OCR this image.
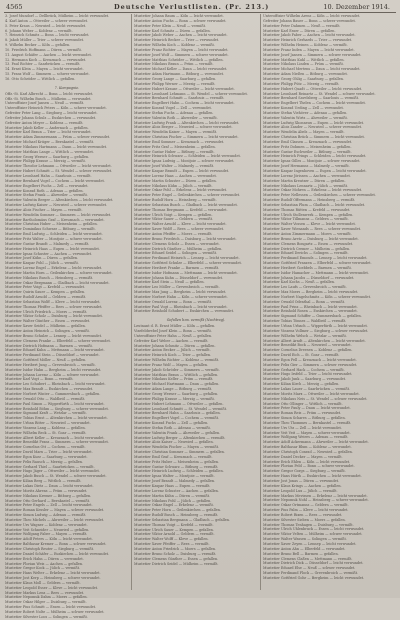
4565	Deutsche Verlustlisten. (Pr. 213.)	10. Dezember 1914.
3. Josef Mundorf — Dellbrück, Mülheim — leicht verwundet.
4. Karl Anton — Ottweiler — schwer verwundet.
5. Peter Kraus — Neuwied — leicht verwundet.
6. Johann Weber — Koblenz — vermißt.
7. Heinrich Schmitz — Bonn — leicht verwundet.
8. Jakob Müller — Trier — schwer verwundet.
9. Wilhelm Becker — Köln — gefallen.
10. Friedrich Hoffmann — Düren — vermißt.
11. August Schäfer — Aachen — leicht verwundet.
12. Hermann Koch — Kreuznach — verwundet.
13. Paul Richter — Saarbrücken — vermißt.
14. Ernst Klein — Mayen — leicht verwundet.
15. Franz Wolf — Simmern — schwer verwundet.
16. Otto Schröder — Wittlich — gefallen.
7. Kompagnie.
Offz.-St. Karl Albrecht — Bonn — leicht verwundet.
Offz.-St. Wilhelm Busch — Mülheim — verwundet.
Unteroffizier Josef Jansen — Neuß — vermißt.
Unteroffizier Heinrich Peters — Köln — schwer verwundet.
Gefreiter Peter Lang — Siegburg — leicht verwundet.
Gefreiter Johann Schulz — Euskirchen — verwundet.
Gefreiter Anton Meyer — Koblenz — vermißt.
Mustetier Jakob Keller — Andernach — gefallen.
Mustetier Karl Braun — Trier — leicht verwundet.
Mustetier Adam Zimmermann — Prüm — schwer verwundet.
Mustetier Michael Krüger — Bernkastel — vermißt.
Mustetier Nikolaus Hartmann — Daun — leicht verwundet.
Mustetier Matthias Lange — Wittlich — verwundet.
Mustetier Georg Werner — Saarburg — gefallen.
Mustetier Philipp Krause — Merzig — vermißt.
Mustetier Theodor Lehmann — Ottweiler — leicht verwundet.
Mustetier Hubert Schmitt — St. Wendel — schwer verwundet.
Mustetier Leonhard Hahn — Saarlouis — vermißt.
Mustetier Bernhard Vogel — Cochem — leicht verwundet.
Mustetier Engelbert Fuchs — Zell — verwundet.
Mustetier Konrad Roth — Adenau — gefallen.
Mustetier Stefan Frank — Ahrweiler — vermißt.
Mustetier Valentin Berger — Altenkirchen — leicht verwundet.
Mustetier Ludwig Kaiser — Neuwied — schwer verwundet.
Mustetier Alois Fischer — Mayen — vermißt.
Mustetier Wendelin Sommer — Simmern — leicht verwundet.
Mustetier Bartholomäus Graf — Kreuznach — verwundet.
Mustetier Christian Huber — Meisenheim — gefallen.
Mustetier Dominikus Schwarz — Bitburg — vermißt.
Mustetier Emil Ludwig — Schleiden — leicht verwundet.
Mustetier Fritz Walter — Montjoie — schwer verwundet.
Mustetier Gustav Brandt — Malmedy — vermißt.
Mustetier Heinrich Haas — Eupen — leicht verwundet.
Mustetier Ignaz Schuster — Aachen — verwundet.
Mustetier Josef Kühn — Düren — gefallen.
Mustetier Kaspar Pohl — Jülich — vermißt.
Mustetier Lorenz Engel — Erkelenz — leicht verwundet.
Mustetier Martin Horn — Geilenkirchen — schwer verwundet.
Mustetier Nikolaus Busch — Heinsberg — vermißt.
Mustetier Oskar Bergmann — Gladbach — leicht verwundet.
Mustetier Peter Voigt — Krefeld — verwundet.
Mustetier Quirin Sauer — Kempen — gefallen.
Mustetier Rudolf Arnold — Geldern — vermißt.
Mustetier Sebastian Wolff — Kleve — leicht verwundet.
Mustetier Thomas Pfeiffer — Rees — schwer verwundet.
Mustetier Ulrich Friedrich — Moers — vermißt.
Mustetier Viktor Scholz — Duisburg — leicht verwundet.
Mustetier Walter Günther — Essen — verwundet.
Mustetier Xaver Seidel — Mülheim — gefallen.
Mustetier Anton Heinrich — Solingen — vermißt.
Mustetier Bruno Schulze — Lennep — leicht verwundet.
Mustetier Clemens Franke — Elberfeld — schwer verwundet.
Mustetier Dietrich Hofmann — Barmen — vermißt.
Mustetier Eduard Kuhn — Mettmann — leicht verwundet.
Mustetier Ferdinand Stein — Düsseldorf — verwundet.
Mustetier Gottfried Möller — Neuß — gefallen.
Mustetier Heribert Jung — Grevenbroich — vermißt.
Mustetier Isidor Hahn — Bergheim — leicht verwundet.
Mustetier Johann Lorenz — Köln — schwer verwundet.
Mustetier Karl Vogt — Bonn — vermißt.
Mustetier Leo Schubert — Rheinbach — leicht verwundet.
Mustetier Max Brandt — Euskirchen — verwundet.
Mustetier Norbert Winter — Gummersbach — gefallen.
Mustetier Oswald Otto — Waldbröl — vermißt.
Mustetier Paul Simon — Wipperfürth — leicht verwundet.
Mustetier Reinhold Böhm — Siegburg — schwer verwundet.
Mustetier Sigmund Kraft — Wetzlar — vermißt.
Mustetier Tobias Ernst — Altenkirchen — leicht verwundet.
Mustetier Urban Ritter — Neuwied — verwundet.
Mustetier Vinzenz Lang — Koblenz — gefallen.
Mustetier Wilhelm Beck — St. Goar — vermißt.
Mustetier Albert Keller — Kreuznach — leicht verwundet.
Mustetier Benedikt Franz — Simmern — schwer verwundet.
Mustetier Cornelius Ott — Cochem — vermißt.
Mustetier David Marx — Trier — leicht verwundet.
Mustetier Egon Kurz — Saarburg — verwundet.
Mustetier Felix Rausch — Merzig — gefallen.
Mustetier Gerhard Thiel — Saarbrücken — vermißt.
Mustetier Hugo Jäger — Ottweiler — leicht verwundet.
Mustetier Jakob Busch — St. Wendel — schwer verwundet.
Mustetier Kilian Berg — Wittlich — vermißt.
Mustetier Lukas Dietz — Daun — leicht verwundet.
Mustetier Moritz Ahrens — Prüm — verwundet.
Mustetier Nikolaus Kremer — Bitburg — gefallen.
Mustetier Otto Gerhard — Bernkastel — vermißt.
Mustetier Peter Engels — Zell — leicht verwundet.
Mustetier Roman Kessler — Mayen — schwer verwundet.
Mustetier Simon Ludwig — Adenau — vermißt.
Mustetier Theo Michels — Ahrweiler — leicht verwundet.
Mustetier Urs Wagner — Koblenz — verwundet.
Mustetier Veit Schneider — Neuwied — gefallen.
Mustetier Wolfgang Faber — Mayen — vermißt.
Mustetier Adolf Peters — Köln — leicht verwundet.
Mustetier Balthasar Kremer — Bonn — schwer verwundet.
Mustetier Christoph Reuter — Siegburg — vermißt.
Mustetier Daniel Schäfer — Euskirchen — leicht verwundet.
Mustetier Erich Hahn — Düren — verwundet.
Mustetier Florian Weis — Aachen — gefallen.
Mustetier Gregor Kock — Jülich — vermißt.
Mustetier Hans Welter — Erkelenz — leicht verwundet.
Mustetier Jost Kerp — Heinsberg — schwer verwundet.
Mustetier Klaus Moll — Geldern — vermißt.
Mustetier Leopold Esser — Kleve — leicht verwundet.
Mustetier Markus Lenz — Rees — verwundet.
Mustetier Nepomuk Dahm — Moers — gefallen.
Mustetier Oskar Hilger — Duisburg — vermißt.
Mustetier Pius Schmitt — Essen — leicht verwundet.
Mustetier Robert Nolte — Mülheim — schwer verwundet.
Mustetier Silvester Loos — Solingen — vermißt.
Mustetier Johann Baum — Köln — leicht verwundet.
Mustetier Anton Fuchs — Bonn — schwer verwundet.
Mustetier Peter Klein — Neuß — vermißt.
Mustetier Karl Schmitz — Düren — gefallen.
Mustetier Jakob Weber — Aachen — leicht verwundet.
Mustetier Heinrich Becker — Trier — verwundet.
Mustetier Wilhelm Koch — Koblenz — vermißt.
Mustetier Franz Richter — Mayen — leicht verwundet.
Mustetier Josef Wolf — Simmern — schwer verwundet.
Mustetier Matthias Schröder — Wittlich — gefallen.
Mustetier Nikolaus Braun — Prüm — vermißt.
Mustetier Michael Keller — Daun — leicht verwundet.
Mustetier Adam Hartmann — Bitburg — verwundet.
Mustetier Georg Lange — Saarburg — gefallen.
Mustetier Philipp Werner — Merzig — vermißt.
Mustetier Hubert Krause — Ottweiler — leicht verwundet.
Mustetier Leonhard Lehmann — St. Wendel — schwer verwundet.
Mustetier Bernhard Schmitt — Saarlouis — vermißt.
Mustetier Engelbert Hahn — Cochem — leicht verwundet.
Mustetier Konrad Vogel — Zell — verwundet.
Mustetier Stefan Fuchs — Adenau — gefallen.
Mustetier Valentin Roth — Ahrweiler — vermißt.
Mustetier Ludwig Frank — Altenkirchen — leicht verwundet.
Mustetier Alois Berger — Neuwied — schwer verwundet.
Mustetier Wendelin Kaiser — Mayen — vermißt.
Mustetier Christian Fischer — Simmern — leicht verwundet.
Mustetier Emil Sommer — Kreuznach — verwundet.
Mustetier Fritz Graf — Meisenheim — gefallen.
Mustetier Gustav Huber — Bitburg — vermißt.
Mustetier Heinrich Schwarz — Schleiden — leicht verwundet.
Mustetier Ignaz Ludwig — Montjoie — schwer verwundet.
Mustetier Josef Walter — Malmedy — vermißt.
Mustetier Kaspar Brandt — Eupen — leicht verwundet.
Mustetier Lorenz Haas — Aachen — verwundet.
Mustetier Martin Schuster — Düren — gefallen.
Mustetier Nikolaus Kühn — Jülich — vermißt.
Mustetier Oskar Pohl — Erkelenz — leicht verwundet.
Mustetier Peter Engel — Geilenkirchen — schwer verwundet.
Mustetier Rudolf Horn — Heinsberg — vermißt.
Mustetier Sebastian Busch — Gladbach — leicht verwundet.
Mustetier Thomas Bergmann — Krefeld — verwundet.
Mustetier Ulrich Voigt — Kempen — gefallen.
Mustetier Viktor Sauer — Geldern — vermißt.
Mustetier Walter Arnold — Kleve — leicht verwundet.
Mustetier Xaver Wolff — Rees — schwer verwundet.
Mustetier Anton Pfeiffer — Moers — vermißt.
Mustetier Bruno Friedrich — Duisburg — leicht verwundet.
Mustetier Clemens Scholz — Essen — verwundet.
Mustetier Dietrich Günther — Mülheim — gefallen.
Mustetier Eduard Seidel — Solingen — vermißt.
Mustetier Ferdinand Heinrich — Lennep — leicht verwundet.
Mustetier Gottfried Schulze — Elberfeld — schwer verwundet.
Mustetier Heribert Franke — Barmen — vermißt.
Mustetier Isidor Hofmann — Mettmann — leicht verwundet.
Mustetier Johann Kuhn — Düsseldorf — verwundet.
Mustetier Karl Stein — Neuß — gefallen.
Mustetier Leo Möller — Grevenbroich — vermißt.
Mustetier Max Jung — Bergheim — leicht verwundet.
Mustetier Norbert Hahn — Köln — schwer verwundet.
Mustetier Oswald Lorenz — Bonn — vermißt.
Mustetier Paul Vogt — Rheinbach — leicht verwundet.
Mustetier Reinhold Schubert — Euskirchen — verwundet.
Gefallen bzw. vermißt (Nachtrag).
Leutnant d. R. Ernst Müller — Köln — gefallen.
Vizefeldwebel Josef Klein — Bonn — vermißt.
Unteroffizier Peter Hahn — Neuß — gefallen.
Gefreiter Karl Weber — Aachen — vermißt.
Mustetier Johann Schmitz — Düren — gefallen.
Mustetier Anton Becker — Jülich — vermißt.
Mustetier Heinrich Koch — Trier — gefallen.
Mustetier Wilhelm Richter — Koblenz — vermißt.
Mustetier Franz Wolf — Mayen — gefallen.
Mustetier Jakob Schröder — Simmern — vermißt.
Mustetier Matthias Braun — Wittlich — gefallen.
Mustetier Nikolaus Keller — Prüm — vermißt.
Mustetier Michael Hartmann — Daun — gefallen.
Mustetier Adam Lange — Bitburg — vermißt.
Mustetier Georg Werner — Saarburg — gefallen.
Mustetier Philipp Krause — Merzig — vermißt.
Mustetier Hubert Lehmann — Ottweiler — gefallen.
Mustetier Leonhard Schmitt — St. Wendel — vermißt.
Mustetier Bernhard Hahn — Saarlouis — gefallen.
Mustetier Engelbert Vogel — Cochem — vermißt.
Mustetier Konrad Fuchs — Zell — gefallen.
Mustetier Stefan Roth — Adenau — vermißt.
Mustetier Valentin Frank — Ahrweiler — gefallen.
Mustetier Ludwig Berger — Altenkirchen — vermißt.
Mustetier Alois Kaiser — Neuwied — gefallen.
Mustetier Wendelin Fischer — Mayen — vermißt.
Mustetier Christian Sommer — Simmern — gefallen.
Mustetier Emil Graf — Kreuznach — vermißt.
Mustetier Fritz Huber — Meisenheim — gefallen.
Mustetier Gustav Schwarz — Bitburg — vermißt.
Mustetier Heinrich Ludwig — Schleiden — gefallen.
Mustetier Ignaz Walter — Montjoie — vermißt.
Mustetier Josef Brandt — Malmedy — gefallen.
Mustetier Kaspar Haas — Eupen — vermißt.
Mustetier Lorenz Schuster — Aachen — gefallen.
Mustetier Martin Kühn — Düren — vermißt.
Mustetier Nikolaus Pohl — Jülich — gefallen.
Mustetier Oskar Engel — Erkelenz — vermißt.
Mustetier Peter Horn — Geilenkirchen — gefallen.
Mustetier Rudolf Busch — Heinsberg — vermißt.
Mustetier Sebastian Bergmann — Gladbach — gefallen.
Mustetier Thomas Voigt — Krefeld — vermißt.
Mustetier Ulrich Sauer — Kempen — gefallen.
Mustetier Viktor Arnold — Geldern — vermißt.
Mustetier Walter Wolff — Kleve — gefallen.
Mustetier Xaver Pfeiffer — Rees — vermißt.
Mustetier Anton Friedrich — Moers — gefallen.
Mustetier Bruno Scholz — Duisburg — vermißt.
Mustetier Clemens Günther — Essen — gefallen.
Mustetier Dietrich Seidel — Mülheim — vermißt.
Unteroffizier Wilhelm Arens — Köln — leicht verwundet.
Gefreiter Johann Bauer — Bonn — schwer verwundet.
Mustetier Peter Dahmen — Neuß — vermißt.
Mustetier Karl Esser — Düren — gefallen.
Mustetier Jakob Faber — Aachen — leicht verwundet.
Mustetier Heinrich Gerhards — Trier — verwundet.
Mustetier Wilhelm Heinen — Koblenz — vermißt.
Mustetier Franz Inden — Mayen — leicht verwundet.
Mustetier Josef Jansen — Simmern — schwer verwundet.
Mustetier Matthias Kuhl — Wittlich — gefallen.
Mustetier Nikolaus Linden — Prüm — vermißt.
Mustetier Michael Mertens — Daun — leicht verwundet.
Mustetier Adam Nießen — Bitburg — verwundet.
Mustetier Georg Ohlig — Saarburg — gefallen.
Mustetier Philipp Pütz — Merzig — vermißt.
Mustetier Hubert Quadt — Ottweiler — leicht verwundet.
Mustetier Leonhard Reinartz — St. Wendel — schwer verwundet.
Mustetier Bernhard Savelsberg — Saarlouis — vermißt.
Mustetier Engelbert Thelen — Cochem — leicht verwundet.
Mustetier Konrad Ueding — Zell — verwundet.
Mustetier Stefan Viehöver — Adenau — gefallen.
Mustetier Valentin Wirtz — Ahrweiler — vermißt.
Mustetier Ludwig Xhonneux — Eupen — leicht verwundet.
Mustetier Alois Zander — Neuwied — schwer verwundet.
Mustetier Wendelin Abels — Mayen — vermißt.
Mustetier Christian Brück — Simmern — leicht verwundet.
Mustetier Emil Classen — Kreuznach — verwundet.
Mustetier Fritz Dohmen — Meisenheim — gefallen.
Mustetier Gustav Eschweiler — Bitburg — vermißt.
Mustetier Heinrich Frings — Schleiden — leicht verwundet.
Mustetier Ignaz Gilles — Montjoie — schwer verwundet.
Mustetier Josef Hermanns — Malmedy — vermißt.
Mustetier Kaspar Ingenhoven — Eupen — leicht verwundet.
Mustetier Lorenz Jörissen — Aachen — verwundet.
Mustetier Martin Kreutzer — Düren — gefallen.
Mustetier Nikolaus Lennartz — Jülich — vermißt.
Mustetier Oskar Mohren — Erkelenz — leicht verwundet.
Mustetier Peter Nellessen — Geilenkirchen — schwer verwundet.
Mustetier Rudolf Offermann — Heinsberg — vermißt.
Mustetier Sebastian Plum — Gladbach — leicht verwundet.
Mustetier Thomas Rütten — Krefeld — verwundet.
Mustetier Ulrich Stollenwerk — Kempen — gefallen.
Mustetier Viktor Tillmanns — Geldern — vermißt.
Mustetier Walter Vossen — Kleve — leicht verwundet.
Mustetier Xaver Wienands — Rees — schwer verwundet.
Mustetier Anton Zimmermann — Moers — vermißt.
Mustetier Bruno Aretz — Duisburg — leicht verwundet.
Mustetier Clemens Bongartz — Essen — verwundet.
Mustetier Dietrich Cremer — Mülheim — gefallen.
Mustetier Eduard Derichs — Solingen — vermißt.
Mustetier Ferdinand Emonds — Lennep — leicht verwundet.
Mustetier Gottfried Franzen — Elberfeld — schwer verwundet.
Mustetier Heribert Goebbels — Barmen — vermißt.
Mustetier Isidor Hamacher — Mettmann — leicht verwundet.
Mustetier Johann Jacobs — Düsseldorf — verwundet.
Mustetier Karl Kochs — Neuß — gefallen.
Mustetier Leo Laufs — Grevenbroich — vermißt.
Mustetier Max Moers — Bergheim — leicht verwundet.
Mustetier Norbert Nagelschmitz — Köln — schwer verwundet.
Mustetier Oswald Odenthal — Bonn — vermißt.
Mustetier Paul Prinz — Rheinbach — leicht verwundet.
Mustetier Reinhold Rosen — Euskirchen — verwundet.
Mustetier Sigmund Schiffer — Gummersbach — gefallen.
Mustetier Tobias Tönnes — Waldbröl — vermißt.
Mustetier Urban Urbach — Wipperfürth — leicht verwundet.
Mustetier Vinzenz Vollmer — Siegburg — schwer verwundet.
Mustetier Wilhelm Welsch — Wetzlar — vermißt.
Mustetier Albert Arndt — Altenkirchen — leicht verwundet.
Mustetier Benedikt Bock — Neuwied — verwundet.
Mustetier Cornelius Dreesen — Koblenz — gefallen.
Mustetier David Eich — St. Goar — vermißt.
Mustetier Egon Fell — Kreuznach — leicht verwundet.
Mustetier Felix Gier — Simmern — schwer verwundet.
Mustetier Gerhard Hack — Cochem — vermißt.
Mustetier Hugo Irsfeld — Trier — leicht verwundet.
Mustetier Jakob Junk — Saarburg — verwundet.
Mustetier Kilian Kirch — Merzig — gefallen.
Mustetier Lukas Lauer — Saarbrücken — vermißt.
Mustetier Moritz Marx — Ottweiler — leicht verwundet.
Mustetier Nikolaus Neis — St. Wendel — schwer verwundet.
Mustetier Otto Ollinger — Wittlich — vermißt.
Mustetier Peter Pauly — Daun — leicht verwundet.
Mustetier Roman Reis — Prüm — verwundet.
Mustetier Simon Schares — Bitburg — gefallen.
Mustetier Theo Thommes — Bernkastel — vermißt.
Mustetier Urs Utz — Zell — leicht verwundet.
Mustetier Veit Veit — Mayen — schwer verwundet.
Mustetier Wolfgang Weires — Adenau — vermißt.
Mustetier Adolf Ackermann — Ahrweiler — leicht verwundet.
Mustetier Balthasar Blum — Koblenz — verwundet.
Mustetier Christoph Conrad — Neuwied — gefallen.
Mustetier Daniel Decker — Mayen — vermißt.
Mustetier Erich Ehlen — Köln — leicht verwundet.
Mustetier Florian Feld — Bonn — schwer verwundet.
Mustetier Gregor Gorgs — Siegburg — vermißt.
Mustetier Hans Hürth — Euskirchen — leicht verwundet.
Mustetier Jost Jonas — Düren — verwundet.
Mustetier Klaus Krings — Aachen — gefallen.
Mustetier Leopold Lux — Jülich — vermißt.
Mustetier Markus Mevissen — Erkelenz — leicht verwundet.
Mustetier Nepomuk Nohl — Heinsberg — schwer verwundet.
Mustetier Oskar Ortmanns — Geldern — vermißt.
Mustetier Pius Palm — Kleve — leicht verwundet.
Mustetier Robert Rixen — Rees — verwundet.
Mustetier Silvester Sieben — Moers — gefallen.
Mustetier Thomas Tenhagen — Duisburg — vermißt.
Mustetier Ulrich Uhlenbruck — Essen — leicht verwundet.
Mustetier Viktor Velten — Mülheim — schwer verwundet.
Mustetier Walter Wassen — Solingen — vermißt.
Mustetier Xaver Zeyen — Lennep — leicht verwundet.
Mustetier Anton Ahn — Elberfeld — verwundet.
Mustetier Bruno Bell — Barmen — gefallen.
Mustetier Clemens Claßen — Mettmann — vermißt.
Mustetier Dietrich Dick — Düsseldorf — leicht verwundet.
Mustetier Eduard Else — Neuß — schwer verwundet.
Mustetier Ferdinand Flock — Grevenbroich — vermißt.
Mustetier Gottfried Gohr — Bergheim — leicht verwundet.
